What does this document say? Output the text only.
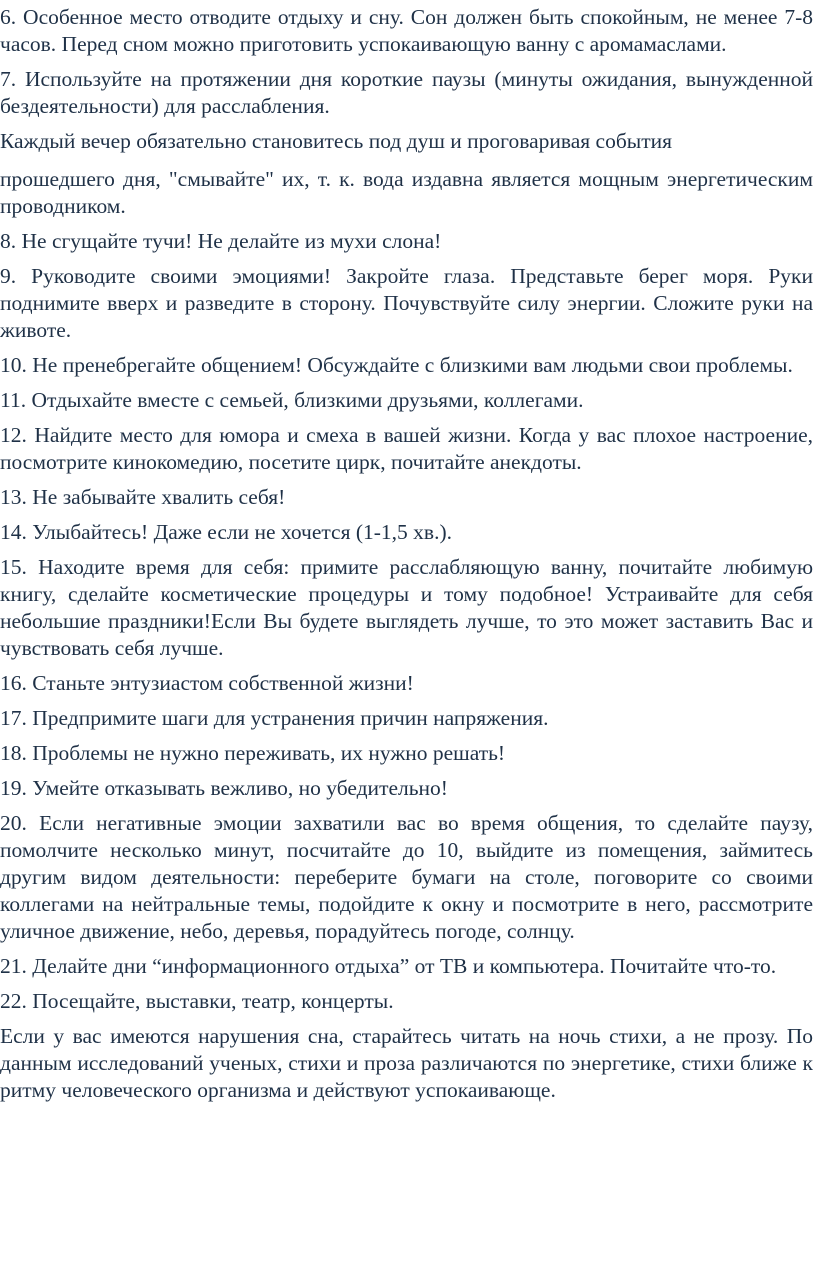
6. Особенное место отводите отдыху и сну. Сон должен быть спокойным, не менее 7-8 часов. Перед сном можно приготовить успокаивающую ванну с аромамаслами.

7. Используйте на протяжении дня короткие паузы (минуты ожидания, вынужденной бездеятельности) для расслабления.

Каждый вечер обязательно становитесь под душ и проговаривая события

прошедшего дня, "смывайте" их, т. к. вода издавна является мощным энергетическим проводником.

8. Не сгущайте тучи! Не делайте из мухи слона!

9. Руководите своими эмоциями! Закройте глаза. Представьте берег моря. Руки поднимите вверх и разведите в сторону. Почувствуйте силу энергии. Сложите руки на животе.

10. Не пренебрегайте общением! Обсуждайте с близкими вам людьми свои проблемы.

11. Отдыхайте вместе с семьей, близкими друзьями, коллегами.

12. Найдите место для юмора и смеха в вашей жизни. Когда у вас плохое настроение, посмотрите кинокомедию, посетите цирк, почитайте анекдоты.

13. Не забывайте хвалить себя!

14. Улыбайтесь! Даже если не хочется (1-1,5 хв.).

15. Находите время для себя: примите расслабляющую ванну, почитайте любимую книгу, сделайте косметические процедуры и тому подобное! Устраивайте для себя небольшие праздники!Если Вы будете выглядеть лучше, то это может заставить Вас и чувствовать себя лучше.

16. Станьте энтузиастом собственной жизни!

17. Предпримите шаги для устранения причин напряжения.

18. Проблемы не нужно переживать, их нужно решать!

19. Умейте отказывать вежливо, но убедительно!

20. Если негативные эмоции захватили вас во время общения, то сделайте паузу, помолчите несколько минут, посчитайте до 10, выйдите из помещения, займитесь другим видом деятельности: переберите бумаги на столе, поговорите со своими коллегами на нейтральные темы, подойдите к окну и посмотрите в него, рассмотрите уличное движение, небо, деревья, порадуйтесь погоде, солнцу.

21. Делайте дни “информационного отдыха” от ТВ и компьютера. Почитайте что-то.

22. Посещайте, выставки, театр, концерты.

Если у вас имеются нарушения сна, старайтесь читать на ночь стихи, а не прозу. По данным исследований ученых, стихи и проза различаются по энергетике, стихи ближе к ритму человеческого организма и действуют успокаивающе.
